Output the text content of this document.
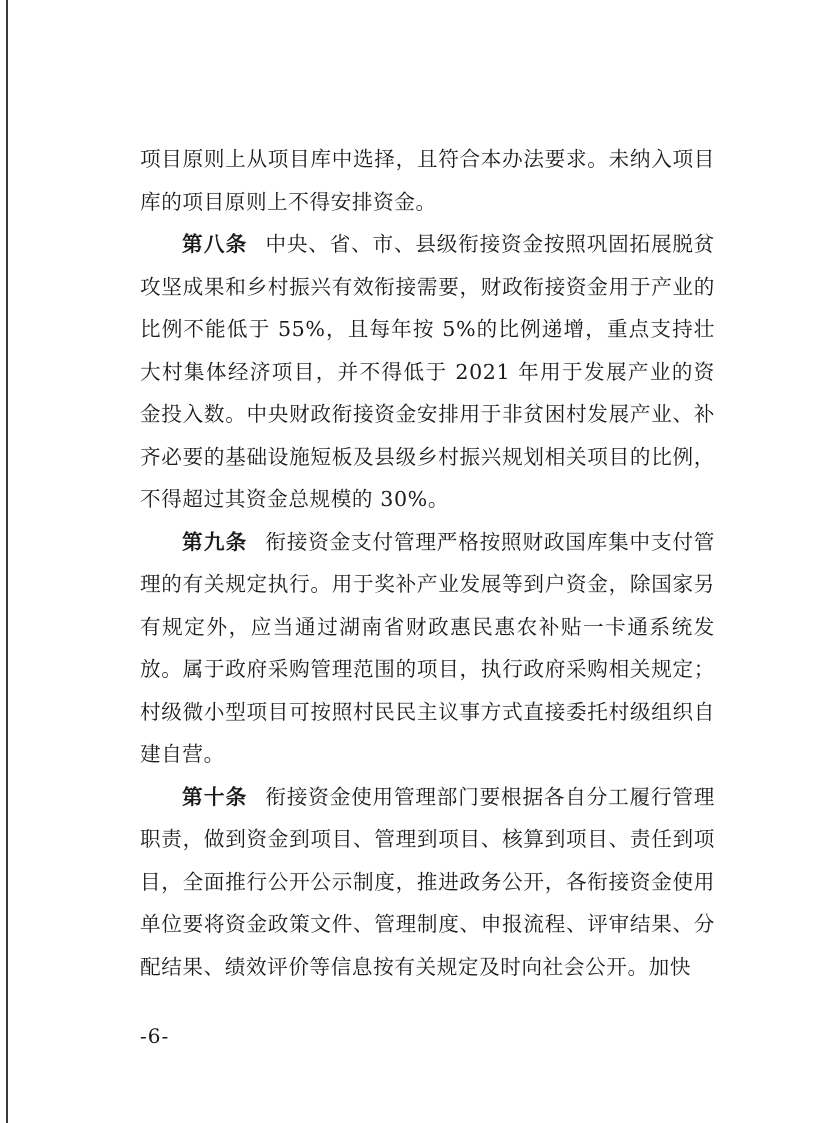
项目原则上从项目库中选择，且符合本办法要求。未纳入项目库的项目原则上不得安排资金。

第八条 中央、省、市、县级衔接资金按照巩固拓展脱贫攻坚成果和乡村振兴有效衔接需要，财政衔接资金用于产业的比例不能低于 55%，且每年按 5%的比例递增，重点支持壮大村集体经济项目，并不得低于 2021 年用于发展产业的资金投入数。中央财政衔接资金安排用于非贫困村发展产业、补齐必要的基础设施短板及县级乡村振兴规划相关项目的比例，不得超过其资金总规模的 30%。

第九条 衔接资金支付管理严格按照财政国库集中支付管理的有关规定执行。用于奖补产业发展等到户资金，除国家另有规定外，应当通过湖南省财政惠民惠农补贴一卡通系统发放。属于政府采购管理范围的项目，执行政府采购相关规定；村级微小型项目可按照村民民主议事方式直接委托村级组织自建自营。

第十条 衔接资金使用管理部门要根据各自分工履行管理职责，做到资金到项目、管理到项目、核算到项目、责任到项目，全面推行公开公示制度，推进政务公开，各衔接资金使用单位要将资金政策文件、管理制度、申报流程、评审结果、分配结果、绩效评价等信息按有关规定及时向社会公开。加快

-6-
